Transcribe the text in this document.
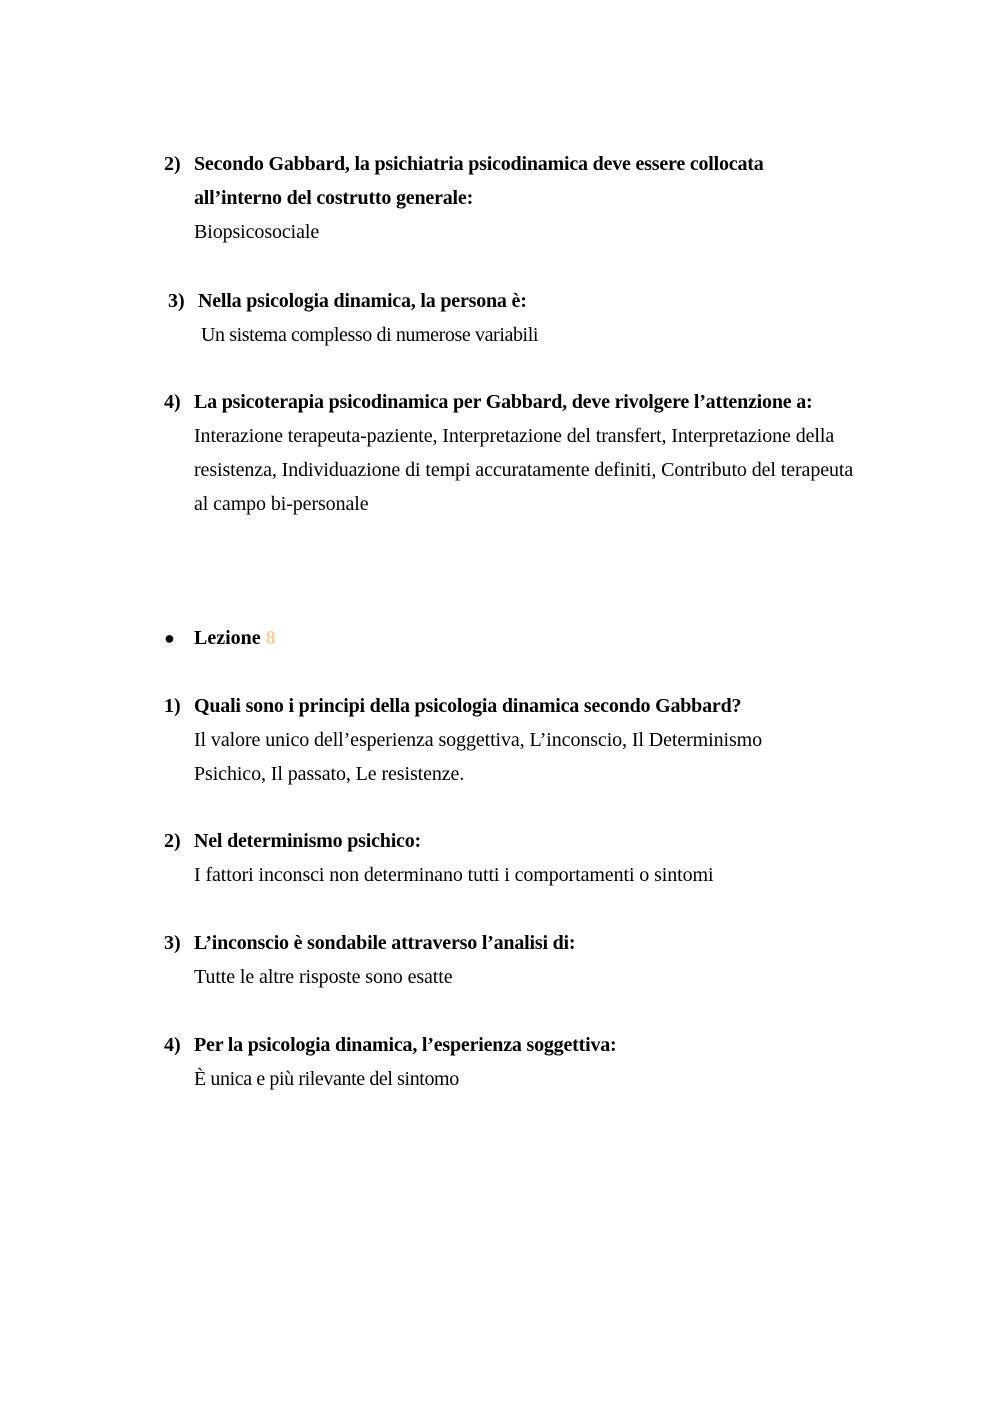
2) Secondo Gabbard, la psichiatria psicodinamica deve essere collocata all’interno del costrutto generale:
Biopsicosociale
3) Nella psicologia dinamica, la persona è:
Un sistema complesso di numerose variabili
4) La psicoterapia psicodinamica per Gabbard, deve rivolgere l’attenzione a:
Interazione terapeuta-paziente, Interpretazione del transfert, Interpretazione della resistenza, Individuazione di tempi accuratamente definiti, Contributo del terapeuta al campo bi-personale
● Lezione 8
1) Quali sono i principi della psicologia dinamica secondo Gabbard?
Il valore unico dell’esperienza soggettiva, L’inconscio, Il Determinismo Psichico, Il passato, Le resistenze.
2) Nel determinismo psichico:
I fattori inconsci non determinano tutti i comportamenti o sintomi
3) L’inconscio è sondabile attraverso l’analisi di:
Tutte le altre risposte sono esatte
4) Per la psicologia dinamica, l’esperienza soggettiva:
È unica e più rilevante del sintomo
